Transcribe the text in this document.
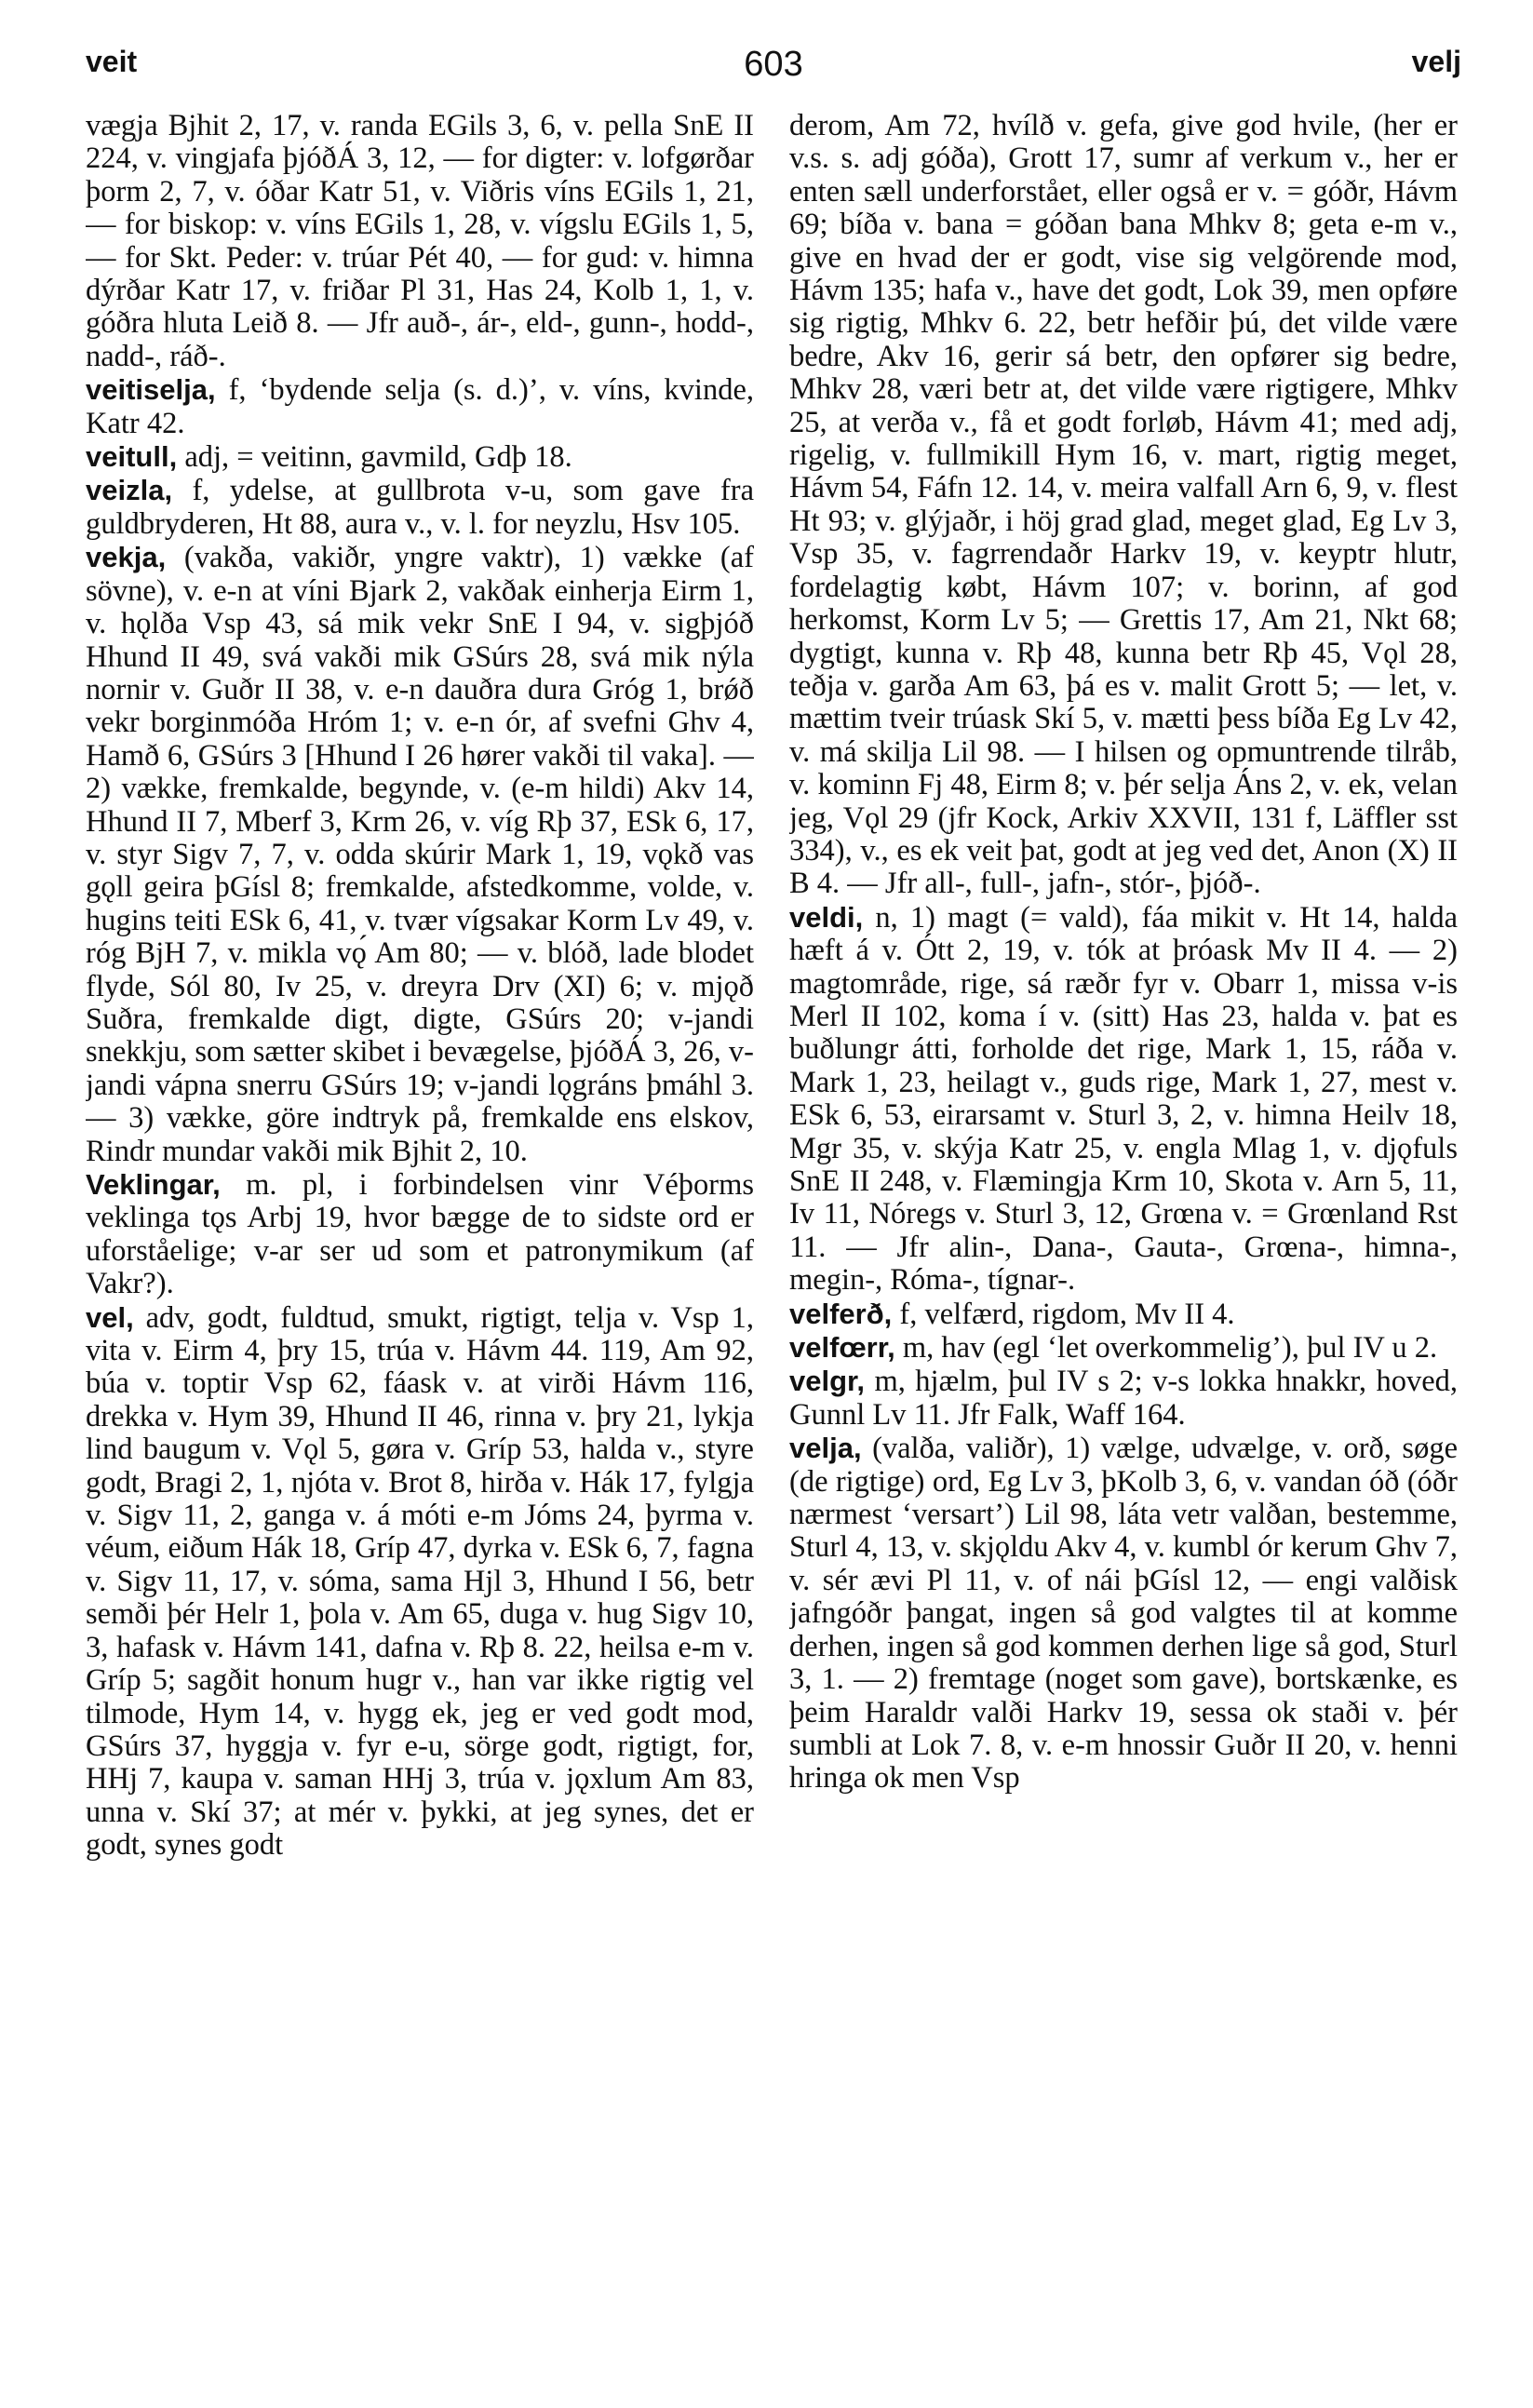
veit	603	velj

vægja Bjhit 2, 17, v. randa EGils 3, 6, v. pella SnE II 224, v. vingjafa þjóðÁ 3, 12, — for digter: v. lofgørðar þorm 2, 7, v. óðar Katr 51, v. Viðris víns EGils 1, 21, — for biskop: v. víns EGils 1, 28, v. vígslu EGils 1, 5, — for Skt. Peder: v. trúar Pét 40, — for gud: v. himna dýrðar Katr 17, v. friðar Pl 31, Has 24, Kolb 1, 1, v. góðra hluta Leið 8. — Jfr auð-, ár-, eld-, gunn-, hodd-, nadd-, ráð-.

veitiselja, f, ‘bydende selja (s. d.)’, v. víns, kvinde, Katr 42.

veitull, adj, = veitinn, gavmild, Gdþ 18.

veizla, f, ydelse, at gullbrota v-u, som gave fra guldbryderen, Ht 88, aura v., v. l. for neyzlu, Hsv 105.

vekja, (vakða, vakiðr, yngre vaktr), 1) vække (af sövne), v. e-n at víni Bjark 2, vakðak einherja Eirm 1, v. hǫlða Vsp 43, sá mik vekr SnE I 94, v. sigþjóð Hhund II 49, svá vakði mik GSúrs 28, svá mik nýla nornir v. Guðr II 38, v. e-n dauðra dura Gróg 1, brǿð vekr borginmóða Hróm 1; v. e-n ór, af svefni Ghv 4, Hamð 6, GSúrs 3 [Hhund I 26 hører vakði til vaka]. — 2) vække, fremkalde, begynde, v. (e-m hildi) Akv 14, Hhund II 7, Mberf 3, Krm 26, v. víg Rþ 37, ESk 6, 17, v. styr Sigv 7, 7, v. odda skúrir Mark 1, 19, vǫkð vas gǫll geira þGísl 8; fremkalde, afstedkomme, volde, v. hugins teiti ESk 6, 41, v. tvær vígsakar Korm Lv 49, v. róg BjH 7, v. mikla vǫ́ Am 80; — v. blóð, lade blodet flyde, Sól 80, Iv 25, v. dreyra Drv (XI) 6; v. mjǫð Suðra, fremkalde digt, digte, GSúrs 20; v-jandi snekkju, som sætter skibet i bevægelse, þjóðÁ 3, 26, v-jandi vápna snerru GSúrs 19; v-jandi lǫgráns þmáhl 3. — 3) vække, göre indtryk på, fremkalde ens elskov, Rindr mundar vakði mik Bjhit 2, 10.

Veklingar, m. pl, i forbindelsen vinr Véþorms veklinga tǫs Arbj 19, hvor bægge de to sidste ord er uforståelige; v-ar ser ud som et patronymikum (af Vakr?).

vel, adv, godt, fuldtud, smukt, rigtigt, telja v. Vsp 1, vita v. Eirm 4, þry 15, trúa v. Hávm 44. 119, Am 92, búa v. toptir Vsp 62, fáask v. at virði Hávm 116, drekka v. Hym 39, Hhund II 46, rinna v. þry 21, lykja lind baugum v. Vǫl 5, gøra v. Gríp 53, halda v., styre godt, Bragi 2, 1, njóta v. Brot 8, hirða v. Hák 17, fylgja v. Sigv 11, 2, ganga v. á móti e-m Jóms 24, þyrma v. véum, eiðum Hák 18, Gríp 47, dyrka v. ESk 6, 7, fagna v. Sigv 11, 17, v. sóma, sama Hjl 3, Hhund I 56, betr semði þér Helr 1, þola v. Am 65, duga v. hug Sigv 10, 3, hafask v. Hávm 141, dafna v. Rþ 8. 22, heilsa e-m v. Gríp 5; sagðit honum hugr v., han var ikke rigtig vel tilmode, Hym 14, v. hygg ek, jeg er ved godt mod, GSúrs 37, hyggja v. fyr e-u, sörge godt, rigtigt, for, HHj 7, kaupa v. saman HHj 3, trúa v. jǫxlum Am 83, unna v. Skí 37; at mér v. þykki, at jeg synes, det er godt, synes godt

derom, Am 72, hvílð v. gefa, give god hvile, (her er v.s. s. adj góða), Grott 17, sumr af verkum v., her er enten sæll underforstået, eller også er v. = góðr, Hávm 69; bíða v. bana = góðan bana Mhkv 8; geta e-m v., give en hvad der er godt, vise sig velgörende mod, Hávm 135; hafa v., have det godt, Lok 39, men opføre sig rigtig, Mhkv 6. 22, betr hefðir þú, det vilde være bedre, Akv 16, gerir sá betr, den opfører sig bedre, Mhkv 28, væri betr at, det vilde være rigtigere, Mhkv 25, at verða v., få et godt forløb, Hávm 41; med adj, rigelig, v. fullmikill Hym 16, v. mart, rigtig meget, Hávm 54, Fáfn 12. 14, v. meira valfall Arn 6, 9, v. flest Ht 93; v. glýjaðr, i höj grad glad, meget glad, Eg Lv 3, Vsp 35, v. fagrrendaðr Harkv 19, v. keyptr hlutr, fordelagtig købt, Hávm 107; v. borinn, af god herkomst, Korm Lv 5; — Grettis 17, Am 21, Nkt 68; dygtigt, kunna v. Rþ 48, kunna betr Rþ 45, Vǫl 28, teðja v. garða Am 63, þá es v. malit Grott 5; — let, v. mættim tveir trúask Skí 5, v. mætti þess bíða Eg Lv 42, v. má skilja Lil 98. — I hilsen og opmuntrende tilråb, v. kominn Fj 48, Eirm 8; v. þér selja Áns 2, v. ek, velan jeg, Vǫl 29 (jfr Kock, Arkiv XXVII, 131 f, Läffler sst 334), v., es ek veit þat, godt at jeg ved det, Anon (X) II B 4. — Jfr all-, full-, jafn-, stór-, þjóð-.

veldi, n, 1) magt (= vald), fáa mikit v. Ht 14, halda hæft á v. Ótt 2, 19, v. tók at þróask Mv II 4. — 2) magtområde, rige, sá ræðr fyr v. Obarr 1, missa v-is Merl II 102, koma í v. (sitt) Has 23, halda v. þat es buðlungr átti, forholde det rige, Mark 1, 15, ráða v. Mark 1, 23, heilagt v., guds rige, Mark 1, 27, mest v. ESk 6, 53, eirarsamt v. Sturl 3, 2, v. himna Heilv 18, Mgr 35, v. skýja Katr 25, v. engla Mlag 1, v. djǫfuls SnE II 248, v. Flæmingja Krm 10, Skota v. Arn 5, 11, Iv 11, Nóregs v. Sturl 3, 12, Grœna v. = Grœnland Rst 11. — Jfr alin-, Dana-, Gauta-, Grœna-, himna-, megin-, Róma-, tígnar-.

velferð, f, velfærd, rigdom, Mv II 4.

velfœrr, m, hav (egl ‘let overkommelig’), þul IV u 2.

velgr, m, hjælm, þul IV s 2; v-s lokka hnakkr, hoved, Gunnl Lv 11. Jfr Falk, Waff 164.

velja, (valða, valiðr), 1) vælge, udvælge, v. orð, søge (de rigtige) ord, Eg Lv 3, þKolb 3, 6, v. vandan óð (óðr nærmest ‘versart’) Lil 98, láta vetr valðan, bestemme, Sturl 4, 13, v. skjǫldu Akv 4, v. kumbl ór kerum Ghv 7, v. sér ævi Pl 11, v. of nái þGísl 12, — engi valðisk jafngóðr þangat, ingen så god valgtes til at komme derhen, ingen så god kommen derhen lige så god, Sturl 3, 1. — 2) fremtage (noget som gave), bortskænke, es þeim Haraldr valði Harkv 19, sessa ok staði v. þér sumbli at Lok 7. 8, v. e-m hnossir Guðr II 20, v. henni hringa ok men Vsp
